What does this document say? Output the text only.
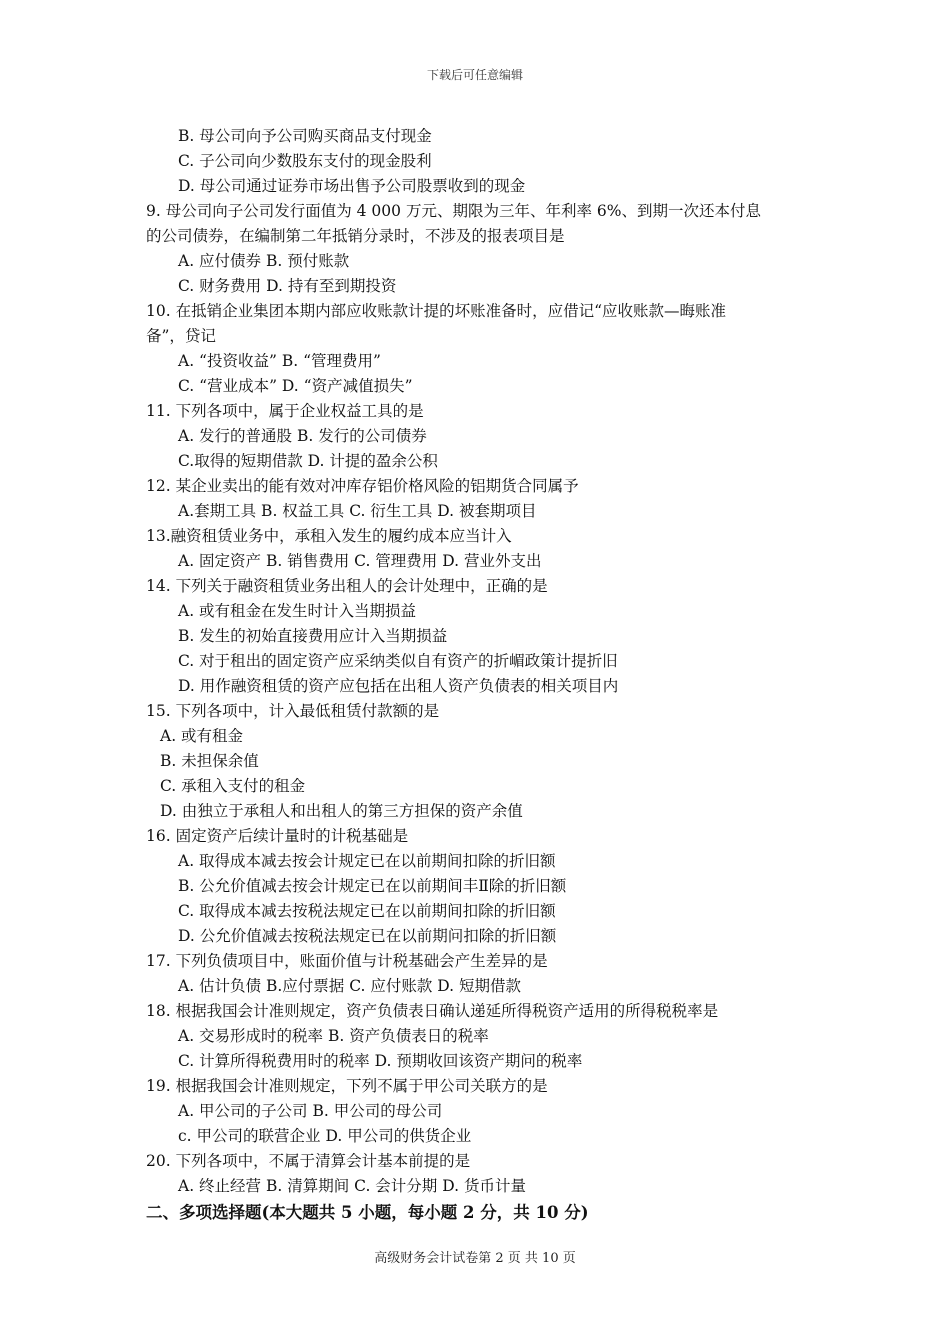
下载后可任意编辑
B. 母公司向予公司购买商品支付现金
C. 子公司向少数股东支付的现金股利
D. 母公司通过证券市场出售予公司股票收到的现金
9. 母公司向子公司发行面值为 4 000 万元、期限为三年、年利率 6%、到期一次还本付息
的公司债券，在编制第二年抵销分录时，不涉及的报表项目是
A. 应付债券 B. 预付账款
C. 财务费用 D. 持有至到期投资
10. 在抵销企业集团本期内部应收账款计提的坏账准备时，应借记“应收账款—晦账准
备”，贷记
A. “投资收益” B. “管理费用”
C. “营业成本” D. “资产减值损失”
11. 下列各项中，属于企业权益工具的是
A. 发行的普通股 B. 发行的公司债券
C.取得的短期借款 D. 计提的盈余公积
12. 某企业卖出的能有效对冲库存铝价格风险的铝期货合同属予
A.套期工具 B. 权益工具 C. 衍生工具 D. 被套期项目
13.融资租赁业务中，承租入发生的履约成本应当计入
A. 固定资产 B. 销售费用 C. 管理费用 D. 营业外支出
14. 下列关于融资租赁业务出租人的会计处理中，正确的是
A. 或有租金在发生时计入当期损益
B. 发生的初始直接费用应计入当期损益
C. 对于租出的固定资产应采纳类似自有资产的折嵋政策计提折旧
D. 用作融资租赁的资产应包括在出租人资产负债表的相关项目内
15. 下列各项中，计入最低租赁付款额的是
A. 或有租金
B. 未担保余值
C. 承租入支付的租金
D. 由独立于承租人和出租人的第三方担保的资产余值
16. 固定资产后续计量时的计税基础是
A. 取得成本减去按会计规定已在以前期间扣除的折旧额
B. 公允价值减去按会计规定已在以前期间丰Ⅱ除的折旧额
C. 取得成本减去按税法规定已在以前期间扣除的折旧额
D. 公允价值减去按税法规定已在以前期问扣除的折旧额
17. 下列负债项目中，账面价值与计税基础会产生差异的是
A. 估计负债 B.应付票据 C. 应付账款 D. 短期借款
18. 根据我国会计准则规定，资产负债表日确认递延所得税资产适用的所得税税率是
A. 交易形成时的税率 B. 资产负债表日的税率
C. 计算所得税费用时的税率 D. 预期收回该资产期问的税率
19. 根据我国会计准则规定，下列不属于甲公司关联方的是
A. 甲公司的子公司 B. 甲公司的母公司
c. 甲公司的联营企业 D. 甲公司的供货企业
20. 下列各项中，不属于清算会计基本前提的是
A. 终止经营 B. 清算期间 C. 会计分期 D. 货币计量
二、多项选择题(本大题共 5 小题，每小题 2 分，共 10 分)
高级财务会计试卷第 2 页 共 10 页
